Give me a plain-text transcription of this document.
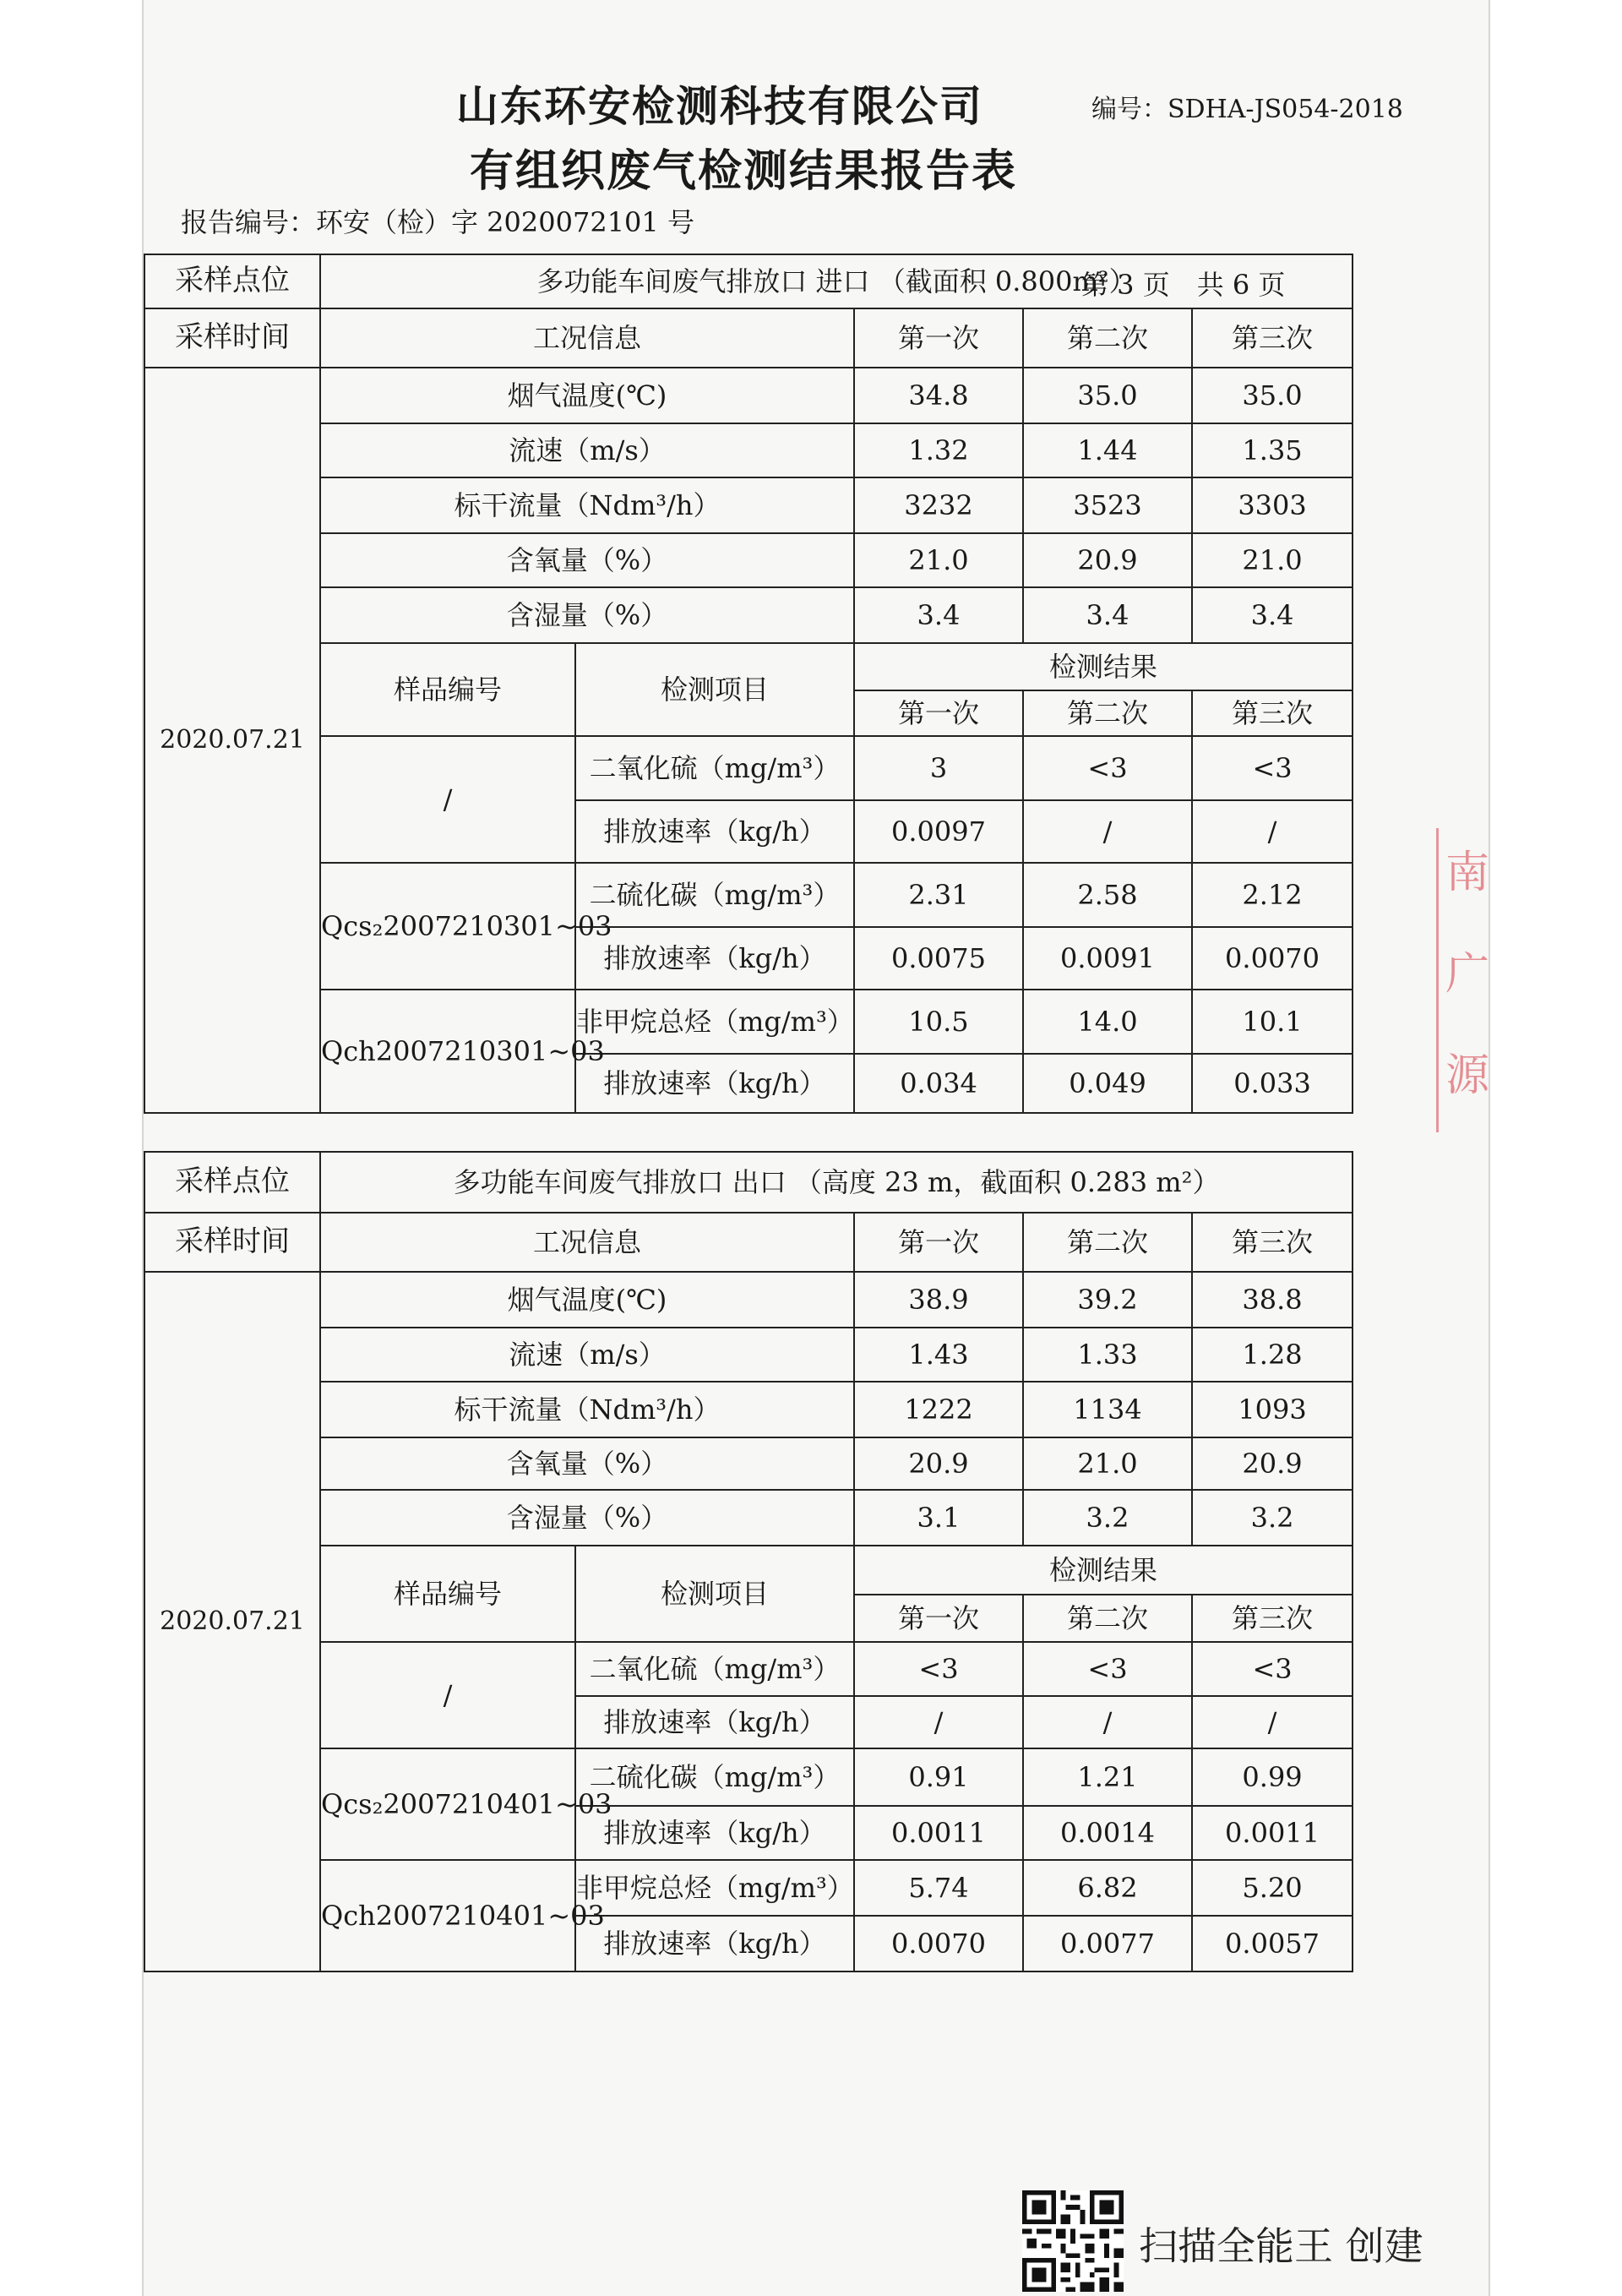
编号：SDHA-JS054-2018
山东环安检测科技有限公司
有组织废气检测结果报告表
报告编号：环安（检）字 2020072101 号
第 3 页　共 6 页
采样点位	多功能车间废气排放口 进口 （截面积 0.800m²）				
采样时间	工况信息		第一次	第二次	第三次
2020.07.21	烟气温度(℃)		34.8	35.0	35.0
	流速（m/s）		1.32	1.44	1.35
	标干流量（Ndm³/h）		3232	3523	3303
	含氧量（%）		21.0	20.9	21.0
	含湿量（%）		3.4	3.4	3.4
	样品编号	检测项目	检测结果		
			第一次	第二次	第三次
	/	二氧化硫（mg/m³）	3	<3	<3
		排放速率（kg/h）	0.0097	/	/
	Qcs₂2007210301~03	二硫化碳（mg/m³）	2.31	2.58	2.12
		排放速率（kg/h）	0.0075	0.0091	0.0070
	Qch2007210301~03	非甲烷总烃（mg/m³）	10.5	14.0	10.1
		排放速率（kg/h）	0.034	0.049	0.033
采样点位	多功能车间废气排放口 出口 （高度 23 m，截面积 0.283 m²）				
采样时间	工况信息		第一次	第二次	第三次
2020.07.21	烟气温度(℃)		38.9	39.2	38.8
	流速（m/s）		1.43	1.33	1.28
	标干流量（Ndm³/h）		1222	1134	1093
	含氧量（%）		20.9	21.0	20.9
	含湿量（%）		3.1	3.2	3.2
	样品编号	检测项目	检测结果		
			第一次	第二次	第三次
	/	二氧化硫（mg/m³）	<3	<3	<3
		排放速率（kg/h）	/	/	/
	Qcs₂2007210401~03	二硫化碳（mg/m³）	0.91	1.21	0.99
		排放速率（kg/h）	0.0011	0.0014	0.0011
	Qch2007210401~03	非甲烷总烃（mg/m³）	5.74	6.82	5.20
		排放速率（kg/h）	0.0070	0.0077	0.0057
南
广
源
扫描全能王 创建
